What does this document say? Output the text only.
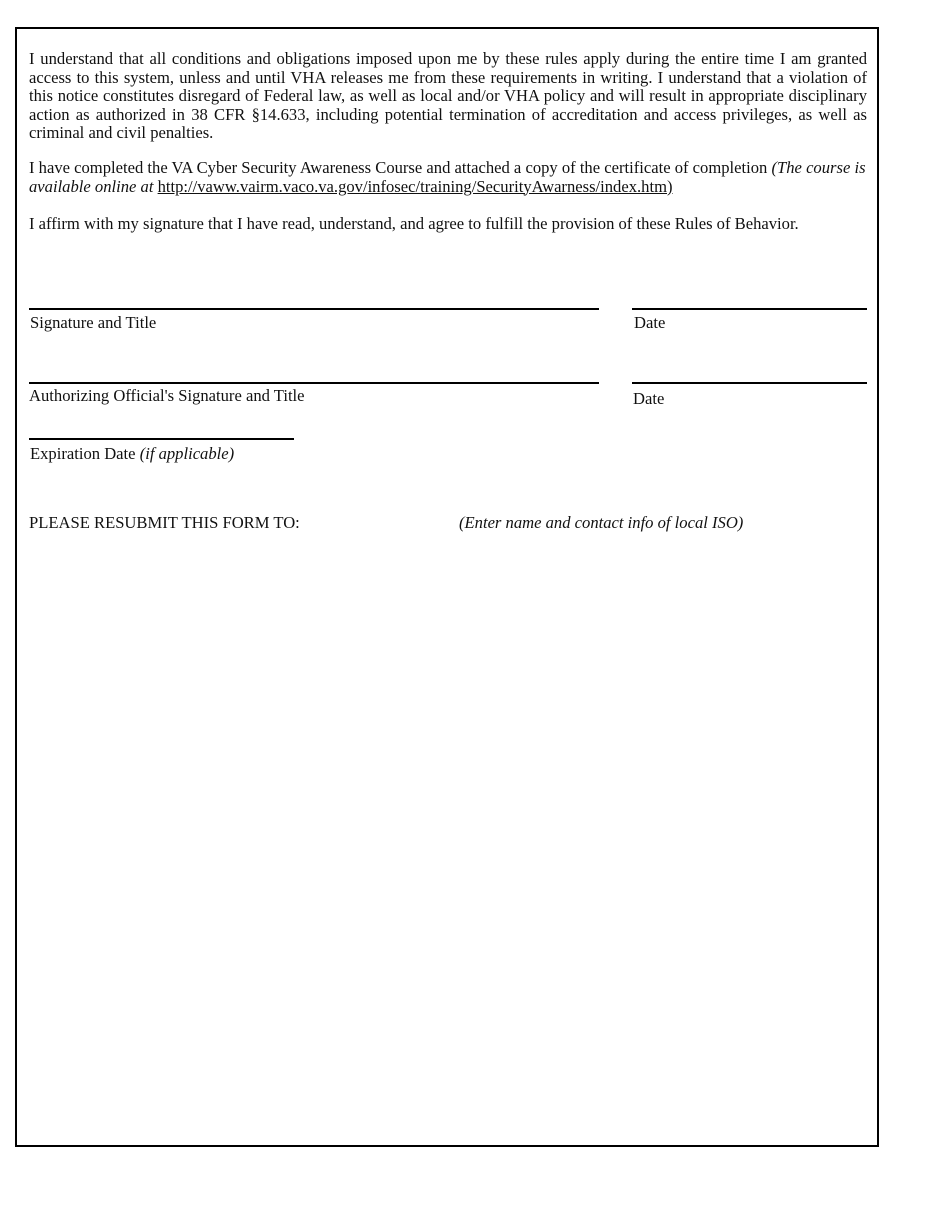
I understand that all conditions and obligations imposed upon me by these rules apply during the entire time I am granted access to this system, unless and until VHA releases me from these requirements in writing. I understand that a violation of this notice constitutes disregard of Federal law, as well as local and/or VHA policy and will result in appropriate disciplinary action as authorized in 38 CFR §14.633, including potential termination of accreditation and access privileges, as well as criminal and civil penalties.

I have completed the VA Cyber Security Awareness Course and attached a copy of the certificate of completion (The course is available online at http://vaww.vairm.vaco.va.gov/infosec/training/SecurityAwarness/index.htm)

I affirm with my signature that I have read, understand, and agree to fulfill the provision of these Rules of Behavior.

Signature and Title	Date
Authorizing Official's Signature and Title	Date
Expiration Date (if applicable)
PLEASE RESUBMIT THIS FORM TO:	(Enter name and contact info of local ISO)
